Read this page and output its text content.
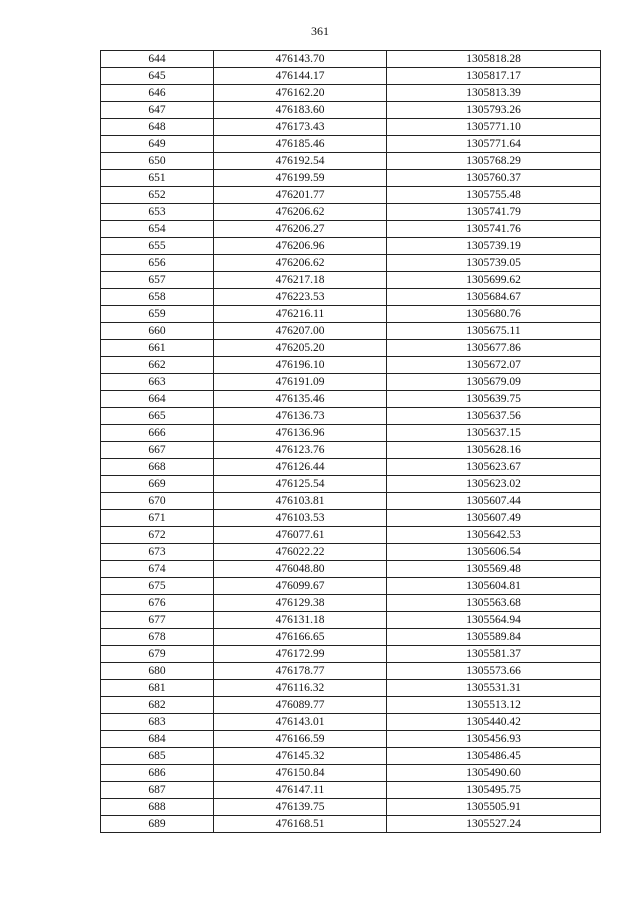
361
644	476143.70	1305818.28
645	476144.17	1305817.17
646	476162.20	1305813.39
647	476183.60	1305793.26
648	476173.43	1305771.10
649	476185.46	1305771.64
650	476192.54	1305768.29
651	476199.59	1305760.37
652	476201.77	1305755.48
653	476206.62	1305741.79
654	476206.27	1305741.76
655	476206.96	1305739.19
656	476206.62	1305739.05
657	476217.18	1305699.62
658	476223.53	1305684.67
659	476216.11	1305680.76
660	476207.00	1305675.11
661	476205.20	1305677.86
662	476196.10	1305672.07
663	476191.09	1305679.09
664	476135.46	1305639.75
665	476136.73	1305637.56
666	476136.96	1305637.15
667	476123.76	1305628.16
668	476126.44	1305623.67
669	476125.54	1305623.02
670	476103.81	1305607.44
671	476103.53	1305607.49
672	476077.61	1305642.53
673	476022.22	1305606.54
674	476048.80	1305569.48
675	476099.67	1305604.81
676	476129.38	1305563.68
677	476131.18	1305564.94
678	476166.65	1305589.84
679	476172.99	1305581.37
680	476178.77	1305573.66
681	476116.32	1305531.31
682	476089.77	1305513.12
683	476143.01	1305440.42
684	476166.59	1305456.93
685	476145.32	1305486.45
686	476150.84	1305490.60
687	476147.11	1305495.75
688	476139.75	1305505.91
689	476168.51	1305527.24
